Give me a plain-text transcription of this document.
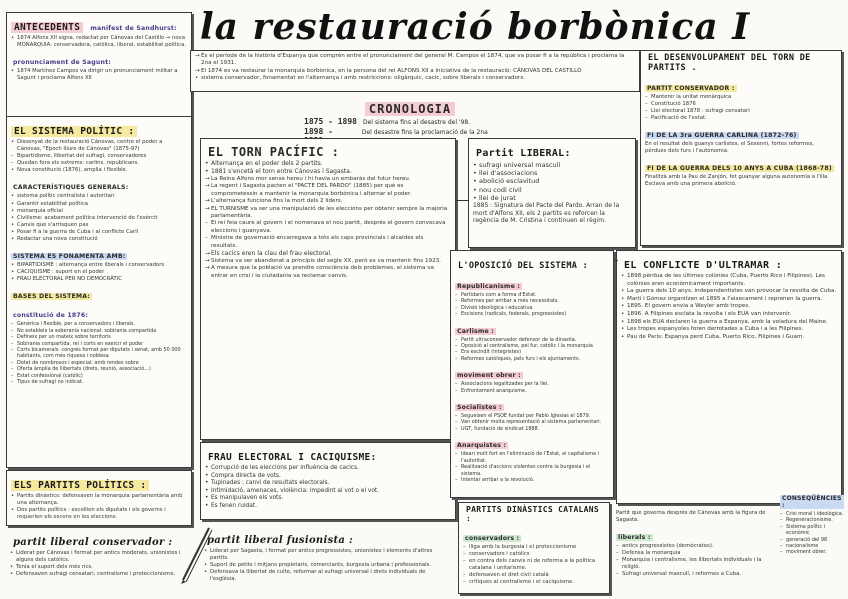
la restauració borbònica I
ANTECEDENTS manifest de Sandhurst:
• 1874 Alfons XII signa, redactat per Cánovas del Castillo → nova MONARQUIA: conservadora, catòlica, liberal, estabilitat política.
pronunciament de Sagunt:
• 1874 Martínez Campos va dirigir un pronunciament militar a Sagunt i proclama Alfons XII
→ És el període de la història d'Espanya que comprèn entre el pronunciament del general M. Campos el 1874, que va posar fi a la república i proclama la 2na el 1931.
→ El 1874 es va restaurar la monarquia borbònica, en la persona del rei ALFONS XII a iniciativa de la restauració: CÁNOVAS DEL CASTILLO
• sistema conservador, fonamentat en l'alternança i amb restriccions: oligàrquic, cacic, sobre liberals i conservadors.
CRONOLOGIA
1875 - 1898 Del sistema fins al desastre del '98.
1898 -	Del desastre fins la proclamació de la 2na
EL SISTEMA POLÍTIC :
• Dissenyat de la restauració Cánovas, centre el poder a Cánovas, "Epoch lliure de Cánovas" (1875-97)
– Bipartidisme, llibertat del sufragi, conservadores
– Quedan fora els extrems: carlins, republicans.
• Nova constitució (1876), amplia i flexible.
CARACTERÍSTIQUES GENERALS:
• sistema polític centralista i autoritari
• Garantir estabilitat política
• monarquia oficial
• Civilisme: acabament política intervenció de l'exèrcit
• Canvis que s'arrisquen pas
• Posar fi a la guerra de Cuba i al conflicte Carlí
• Redactar una nova constitució
SISTEMA ES FONAMENTA AMB:
• BIPARTIDISME : alternança entre liberals i conservadors
• CACIQUISME : suport en el poder
• FRAU ELECTORAL PER NO DEMOCRÀTIC
BASES DEL SISTEMA:
constitució de 1876:
– Genèrica i flexible, per a conservadors i liberals.
– No estableix la soberania nacional: sobirania compartida
– Defineix per un mateix sobre territoris
– Sobirania compartida: rei i corts en exercir el poder
– Corts bicamerals: congrés format per diputats i senat, amb 50 000 habitants, com més riquesa i noblesa
– Dotat de nombrosos i especial: amb rendes sobre
– Oferta àmplia de llibertats (drets, reunió, associació...)
– Estat confessional (catòlic)
– Tipus de sufragi no indicat.
ELS PARTITS POLÍTICS :
• Partits dinàstics: defensaven la monarquia parlamentària amb una alternança.
• Dos partits polítics : escollien els diputats i els governs i requerien els escons en les eleccions.
partit liberal conservador :
• Liderat per Cánovas i format per antics moderats, unionistes i alguns dels catòlics.
• Tenia el suport dels més rics.
• Defensaven sufragi censatari, centralisme i proteccionisme.
partit liberal fusionista :
• Liderat per Sagasta, i format per antics progressistes, unionistes i elements d'altres partits.
• Suport de petits i mitjans propietaris, comerciants, burgesia urbana i professionals.
• Defensava la llibertat de culte, reformar al sufragi universal i drets individuals de l'església.
EL TORN PACÍFIC :
• Alternança en el poder dels 2 partits.
• 1881 s'encetà el torn entre Cánovas i Sagasta.
→ La Reina Alfons mor sense hereu i hi havia un embaràs del futur hereu.
→ La regent i Sagasta pacten el "PACTE DEL PARDO" (1885) per què es comprometessin a mantenir la monarquia borbònica i alternar el poder.
→ L'alternança funciona fins la mort dels 2 líders.
→ EL TURNISME va ser una manipulació de les eleccions per obtenir sempre la majoria parlamentària.
– El rei feia caure al govern i el nomenava el nou partit, després el govern convocava eleccions i guanyava.
– Ministre de governació encarregava a tots els caps provincials i alcaldes els resultats.
→ Els cacics eren la clau del frau electoral.
→ Sistema va ser abandonat a principis del segle XX, però es va mantenir fins 1923.
→ A mesura que la població va prendre consciència dels problemes, el sistema va entrar en crisi i la ciutadania va reclamar canvis.
FRAU ELECTORAL I CACIQUISME:
• Corrupció de les eleccions per influència de cacics.
• Compra directa de vots.
• Tupinades : canvi de resultats electorals.
• Intimidació, amenaces, violència: impedint al vot o el vot.
• Es manipulaven els vots.
• Es fenen ruidat.
Partit LIBERAL:
• sufragi universal masculí
• llei d'associacions
• abolició esclavitud
• nou codi civil
• llei de jurat

1885 : Signatura del Pacte del Pardo. Arran de la mort d'Alfons XII, els 2 partits es reforcen la regència de M. Cristina i continuen el règim.

L'OPOSICIÓ DEL SISTEMA : Republicanisme :
– Partidaris com a forma d'Estat.
– Reformes per arribar a més necessitats.
– Divisió ideològica i educativa
– Escisions (radicals, federals, progressistes)
Carlisme :
– Partit ultraconservador defensor de la dinastia.
– Oposició al centralisme, pel fur, catòlic i la monarquia
– Era escindit (integristes)
– Reformes catòliques, pels furs i els ajuntaments.
moviment obrer :
– Associacions legalitzades per la llei.
– Enfrontament anarquisme.
Socialistes :
– Segueixen el PSOE fundat per Pablo Iglesias el 1879.
– Van obtenir molta representació al sistema parlamentari.
– UGT, fundació de sindicat 1888.
Anarquistes :
– Ideari molt fort en l'eliminació de l'Estat, el capitalisme i l'autoritat.
– Realització d'accions violentes contra la burgesia i el sistema.
– Intentar arribar a la revolució.
PARTITS DINÀSTICS CATALANS : conservadors :
– lliga amb la burgesia i el proteccionisme
– conservadors i catòlics
– en contra dels canvis ni de reforma a la política catalana i unitarisme.
– defensaven el dret civil català
– crítiques al centralisme i el caciquisme.

Partit que governa després de Cánovas amb la figura de Sagasta.

liberals :
– antics progressistes (demòcrates).
– Defensa la monarquia
– Monarquia i centralisme, les llibertats individuals i la religió.
– Sufragi universal masculí, i reformes a Cuba.
EL DESENVOLUPAMENT DEL TORN DE PARTITS . PARTIT CONSERVADOR :
– Mantenir la unitat monàrquica
– Constitució 1876
– Llei electoral 1878 : sufragi censatari
– Pacificació de l'estat.
FI DE LA 3ra GUERRA CARLINA (1872-76)

En el resultat dels guanys carlistes, el Sexenni, fortes reformes, pèrdues dels furs i l'autonomia.

FI DE LA GUERRA DELS 10 ANYS A CUBA (1868-78)

Finalitzà amb la Pau de Zanjón, fet guanyar alguna autonomia a l'illa. Esclava amb una primera abolició.

EL CONFLICTE D'ULTRAMAR :
• 1898 pèrdua de les últimes colònies (Cuba, Puerto Rico i Filipines). Les colònies eren econòmicament importants.
• La guerra dels 10 anys, independentistes van provocar la revolta de Cuba.
• Martí i Gómez organitzen el 1895 a l'aixecament i reprenen la guerra.
• 1895. El govern envia a Weyler amb tropes.
• 1896. A Filipines esclata la revolta i els EUA van intervenir.
• 1898 els EUA declaren la guerra a Espanya, amb la voladura del Maine.
• Les tropes espanyoles foren derrotades a Cuba i a les Filipines.
• Pau de París: Espanya perd Cuba, Puerto Rico, Filipines i Guam.
CONSEQÜÈNCIES :
– Crisi moral i ideològica.
– Regeneracionisme.
– Sistema polític i econòmic
– generació del 98
– nacionalisme
– moviment obrer.
